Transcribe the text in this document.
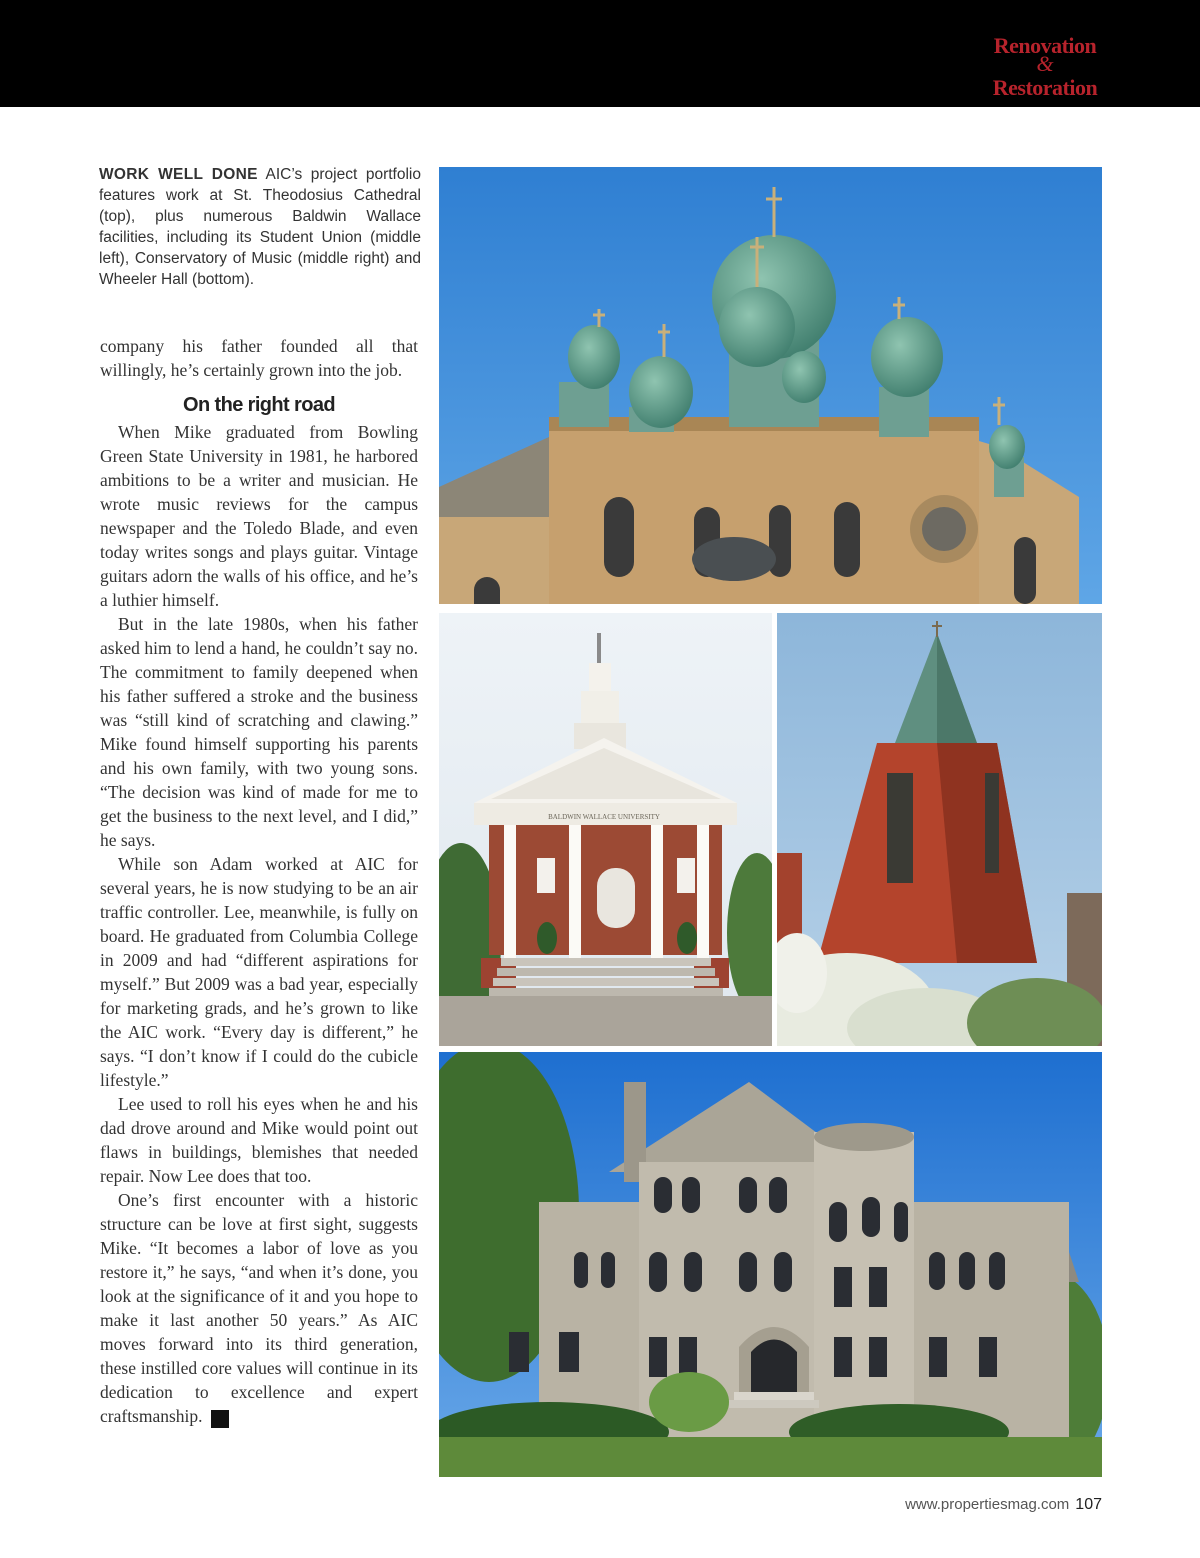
Renovation
&
Restoration
WORK WELL DONE AIC’s project portfolio features work at St. Theodosius Cathedral (top), plus numerous Baldwin Wallace facilities, including its Student Union (middle left), Conservatory of Music (middle right) and Wheeler Hall (bottom).

company his father founded all that willingly, he’s certainly grown into the job.

On the right road

When Mike graduated from Bowling Green State University in 1981, he harbored ambitions to be a writer and musician. He wrote music reviews for the campus newspaper and the Toledo Blade, and even today writes songs and plays guitar. Vintage guitars adorn the walls of his office, and he’s a luthier himself.

But in the late 1980s, when his father asked him to lend a hand, he couldn’t say no. The commitment to family deepened when his father suffered a stroke and the business was “still kind of scratching and clawing.” Mike found himself supporting his parents and his own family, with two young sons. “The decision was kind of made for me to get the business to the next level, and I did,” he says.

While son Adam worked at AIC for several years, he is now studying to be an air traffic controller. Lee, meanwhile, is fully on board. He graduated from Columbia College in 2009 and had “different aspirations for myself.” But 2009 was a bad year, especially for marketing grads, and he’s grown to like the AIC work. “Every day is different,” he says. “I don’t know if I could do the cubicle lifestyle.”

Lee used to roll his eyes when he and his dad drove around and Mike would point out flaws in buildings, blemishes that needed repair. Now Lee does that too.

One’s first encounter with a historic structure can be love at first sight, suggests Mike. “It becomes a labor of love as you restore it,” he says, “and when it’s done, you look at the significance of it and you hope to make it last another 50 years.” As AIC moves forward into its third generation, these instilled core values will continue in its dedication to excellence and expert craftsmanship. P

BALDWIN WALLACE UNIVERSITY
www.propertiesmag.com 107
